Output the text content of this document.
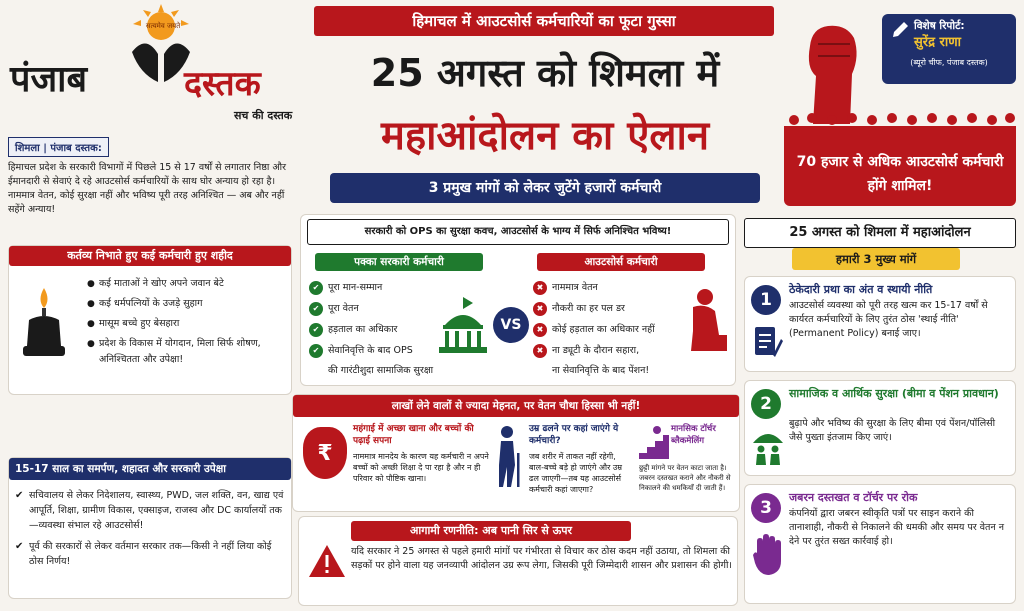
सत्यमेव जयते
पंजाब	दस्तक
सच की दस्तक
शिमला | पंजाब दस्तक:

हिमाचल प्रदेश के सरकारी विभागों में पिछले 15 से 17 वर्षों से लगातार निष्ठा और ईमानदारी से सेवाएं दे रहे आउटसोर्स कर्मचारियों के साथ घोर अन्याय हो रहा है। नाममात्र वेतन, कोई सुरक्षा नहीं और भविष्य पूरी तरह अनिश्चित — अब और नहीं सहेंगे अन्याय!

कर्तव्य निभाते हुए कई कर्मचारी हुए शहीद
● कई माताओं ने खोए अपने जवान बेटे
● कई धर्मपत्नियों के उजड़े सुहाग
● मासूम बच्चे हुए बेसहारा
● प्रदेश के विकास में योगदान, मिला सिर्फ शोषण, अनिश्चितता और उपेक्षा!
15-17 साल का समर्पण, शहादत और सरकारी उपेक्षा
✔ सचिवालय से लेकर निदेशालय, स्वास्थ्य, PWD, जल शक्ति, वन, खाद्य एवं आपूर्ति, शिक्षा, ग्रामीण विकास, एक्साइज, राजस्व और DC कार्यालयों तक—व्यवस्था संभाल रहे आउटसोर्स!
✔ पूर्व की सरकारों से लेकर वर्तमान सरकार तक—किसी ने नहीं लिया कोई ठोस निर्णय!
हिमाचल में आउटसोर्स कर्मचारियों का फूटा गुस्सा
25 अगस्त को शिमला में
महाआंदोलन का ऐलान
3 प्रमुख मांगों को लेकर जुटेंगे हजारों कर्मचारी
विशेष रिपोर्ट:
सुरेंद्र राणा
(ब्यूरो चीफ, पंजाब दस्तक)
70 हजार से अधिक आउटसोर्स कर्मचारी होंगे शामिल!
सरकारी को OPS का सुरक्षा कवच, आउटसोर्स के भाग्य में सिर्फ अनिश्चित भविष्य!
पक्का सरकारी कर्मचारी
✔ पूरा मान-सम्मान
✔ पूरा वेतन
✔ हड़ताल का अधिकार
✔ सेवानिवृत्ति के बाद OPS
की गारंटीशुदा सामाजिक सुरक्षा
VS
आउटसोर्स कर्मचारी
✖ नाममात्र वेतन
✖ नौकरी का हर पल डर
✖ कोई हड़ताल का अधिकार नहीं
✖ ना ड्यूटी के दौरान सहारा,
ना सेवानिवृत्ति के बाद पेंशन!
लाखों लेने वालों से ज्यादा मेहनत, पर वेतन चौथा हिस्सा भी नहीं!
₹
महंगाई में अच्छा खाना और बच्चों की पढ़ाई सपना
नाममात्र मानदेय के कारण यह कर्मचारी न अपने बच्चों को अच्छी शिक्षा दे पा रहा है और न ही परिवार को पौष्टिक खाना।
उम्र ढलने पर कहां जाएंगे ये कर्मचारी?
जब शरीर में ताकत नहीं रहेगी, बाल-बच्चे बड़े हो जाएंगे और उम्र ढल जाएगी—तब यह आउटसोर्स कर्मचारी कहां जाएगा?
मानसिक टॉर्चर ब्लैकमेलिंग
छुट्टी मांगने पर वेतन काटा जाता है। जबरन दस्तखत कराने और नौकरी से निकालने की धमकियाँ दी जाती हैं।
आगामी रणनीति: अब पानी सिर से ऊपर

यदि सरकार ने 25 अगस्त से पहले हमारी मांगों पर गंभीरता से विचार कर ठोस कदम नहीं उठाया, तो शिमला की सड़कों पर होने वाला यह जनव्यापी आंदोलन उग्र रूप लेगा, जिसकी पूरी जिम्मेदारी शासन और प्रशासन की होगी।

25 अगस्त को शिमला में महाआंदोलन
हमारी 3 मुख्य मांगें
1
ठेकेदारी प्रथा का अंत व स्थायी नीति
आउटसोर्स व्यवस्था को पूरी तरह खत्म कर 15-17 वर्षों से कार्यरत कर्मचारियों के लिए तुरंत ठोस 'स्थाई नीति' (Permanent Policy) बनाई जाए।
2
सामाजिक व आर्थिक सुरक्षा (बीमा व पेंशन प्रावधान)
बुढ़ापे और भविष्य की सुरक्षा के लिए बीमा एवं पेंशन/पॉलिसी जैसे पुख्ता इंतजाम किए जाएं।
3
जबरन दस्तखत व टॉर्चर पर रोक
कंपनियों द्वारा जबरन स्वीकृति पत्रों पर साइन कराने की तानाशाही, नौकरी से निकालने की धमकी और समय पर वेतन न देने पर तुरंत सख्त कार्रवाई हो।
